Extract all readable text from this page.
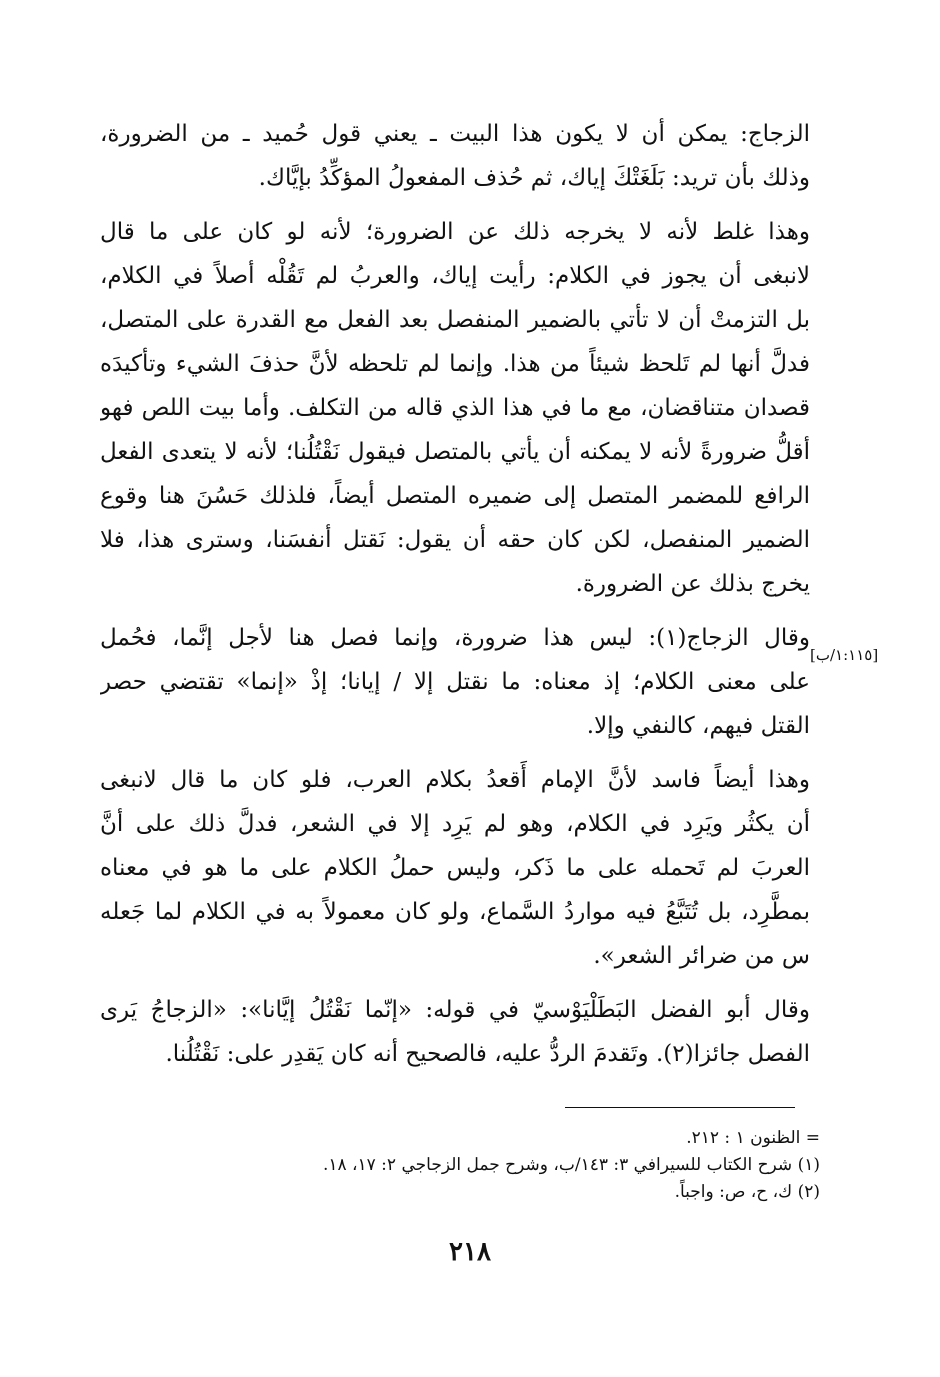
الزجاج: يمكن أن لا يكون هذا البيت ـ يعني قول حُميد ـ من الضرورة،
وذلك بأن تريد: بَلَغَتْكَ إياك، ثم حُذف المفعولُ المؤكِّدُ بإيَّاك.
وهذا غلط لأنه لا يخرجه ذلك عن الضرورة؛ لأنه لو كان على ما قال
لانبغى أن يجوز في الكلام: رأيت إياك، والعربُ لم تَقُلْه أصلاً في الكلام،
بل التزمتْ أن لا تأتي بالضمير المنفصل بعد الفعل مع القدرة على المتصل،
فدلَّ أنها لم تَلحظ شيئاً من هذا. وإنما لم تلحظه لأنَّ حذفَ الشيء وتأكيدَه
قصدان متناقضان، مع ما في هذا الذي قاله من التكلف. وأما بيت اللص فهو
أقلُّ ضرورةً لأنه لا يمكنه أن يأتي بالمتصل فيقول نَقْتُلُنا؛ لأنه لا يتعدى الفعل
الرافع للمضمر المتصل إلى ضميره المتصل أيضاً، فلذلك حَسُنَ هنا وقوع
الضمير المنفصل، لكن كان حقه أن يقول: نَقتل أنفسَنا، وسترى هذا، فلا
يخرج بذلك عن الضرورة.
وقال الزجاج(١): ليس هذا ضرورة، وإنما فصل هنا لأجل إنَّما، فحُمل
على معنى الكلام؛ إذ معناه: ما نقتل إلا / إيانا؛ إذْ «إنما» تقتضي حصر
القتل فيهم، كالنفي وإلا.
وهذا أيضاً فاسد لأنَّ الإمام أَقعدُ بكلام العرب، فلو كان ما قال لانبغى
أن يكثُر ويَرِد في الكلام، وهو لم يَرِد إلا في الشعر، فدلَّ ذلك على أنَّ
العربَ لم تَحمله على ما ذَكر، وليس حملُ الكلام على ما هو في معناه
بمطَّرِد، بل تُتَبَّعُ فيه مواردُ السَّماع، ولو كان معمولاً به في الكلام لما جَعله
س من ضرائر الشعر».
وقال أبو الفضل البَطَلْيَوْسيّ في قوله: «إنّما نَقْتُلُ إيَّانا»: «الزجاجُ يَرى
الفصل جائزا(٢). وتَقدمَ الردُّ عليه، فالصحيح أنه كان يَقدِر على: نَقْتُلُنا.
[١:١١٥/ب]
= الظنون ١ : ٢١٢.
(١) شرح الكتاب للسيرافي ٣: ١٤٣/ب، وشرح جمل الزجاجي ٢: ١٧، ١٨.
(٢) ك، ح، ص: واجباً.
٢١٨
